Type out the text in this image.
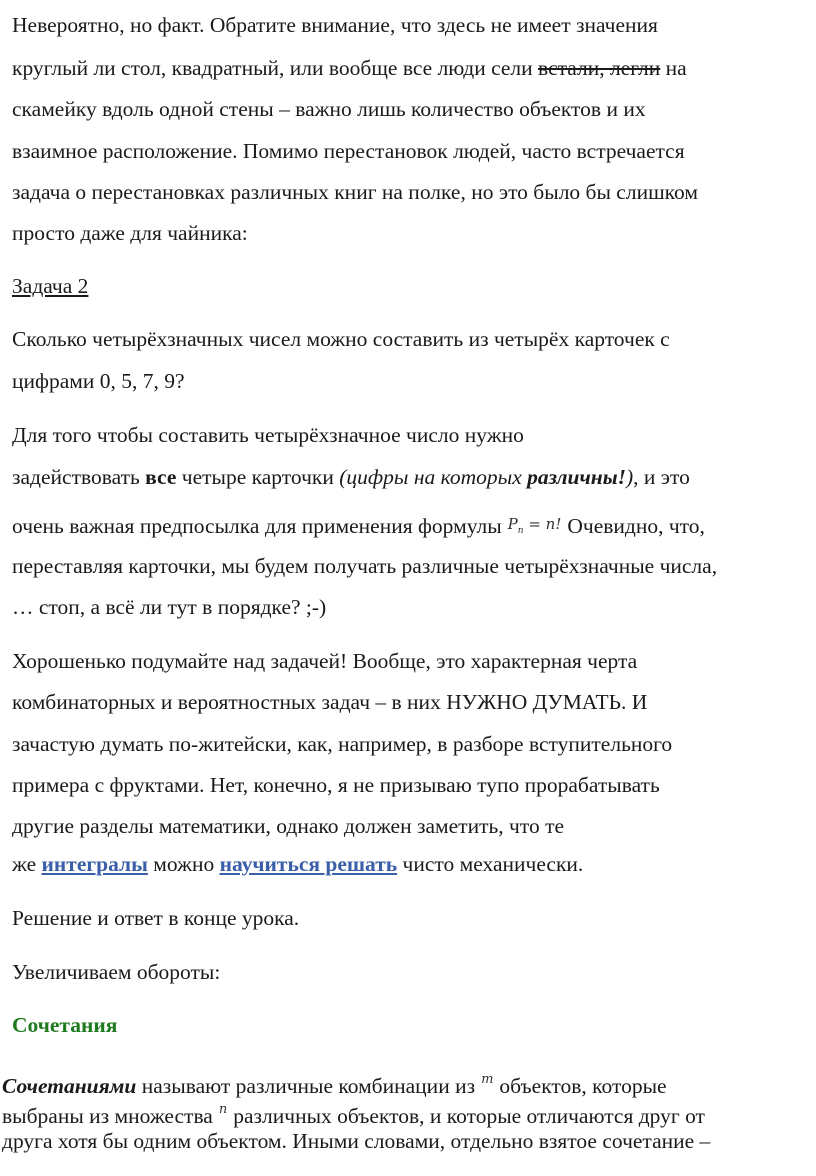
Невероятно, но факт. Обратите внимание, что здесь не имеет значения
круглый ли стол, квадратный, или вообще все люди сели встали, легли на
скамейку вдоль одной стены – важно лишь количество объектов и их
взаимное расположение. Помимо перестановок людей, часто встречается
задача о перестановках различных книг на полке, но это было бы слишком
просто даже для чайника:
Задача 2
Сколько четырёхзначных чисел можно составить из четырёх карточек с
цифрами 0, 5, 7, 9?
Для того чтобы составить четырёхзначное число нужно
задействовать все четыре карточки (цифры на которых различны!), и это
очень важная предпосылка для применения формулы $P_n = n$! Очевидно, что,
переставляя карточки, мы будем получать различные четырёхзначные числа,
… стоп, а всё ли тут в порядке? ;-)
Хорошенько подумайте над задачей! Вообще, это характерная черта
комбинаторных и вероятностных задач – в них НУЖНО ДУМАТЬ. И
зачастую думать по-житейски, как, например, в разборе вступительного
примера с фруктами. Нет, конечно, я не призываю тупо прорабатывать
другие разделы математики, однако должен заметить, что те
же интегралы можно научиться решать чисто механически.
Решение и ответ в конце урока.
Увеличиваем обороты:
Сочетания
Сочетаниями называют различные комбинации из m объектов, которые
выбраны из множества n различных объектов, и которые отличаются друг от
друга хотя бы одним объектом. Иными словами, отдельно взятое сочетание –
